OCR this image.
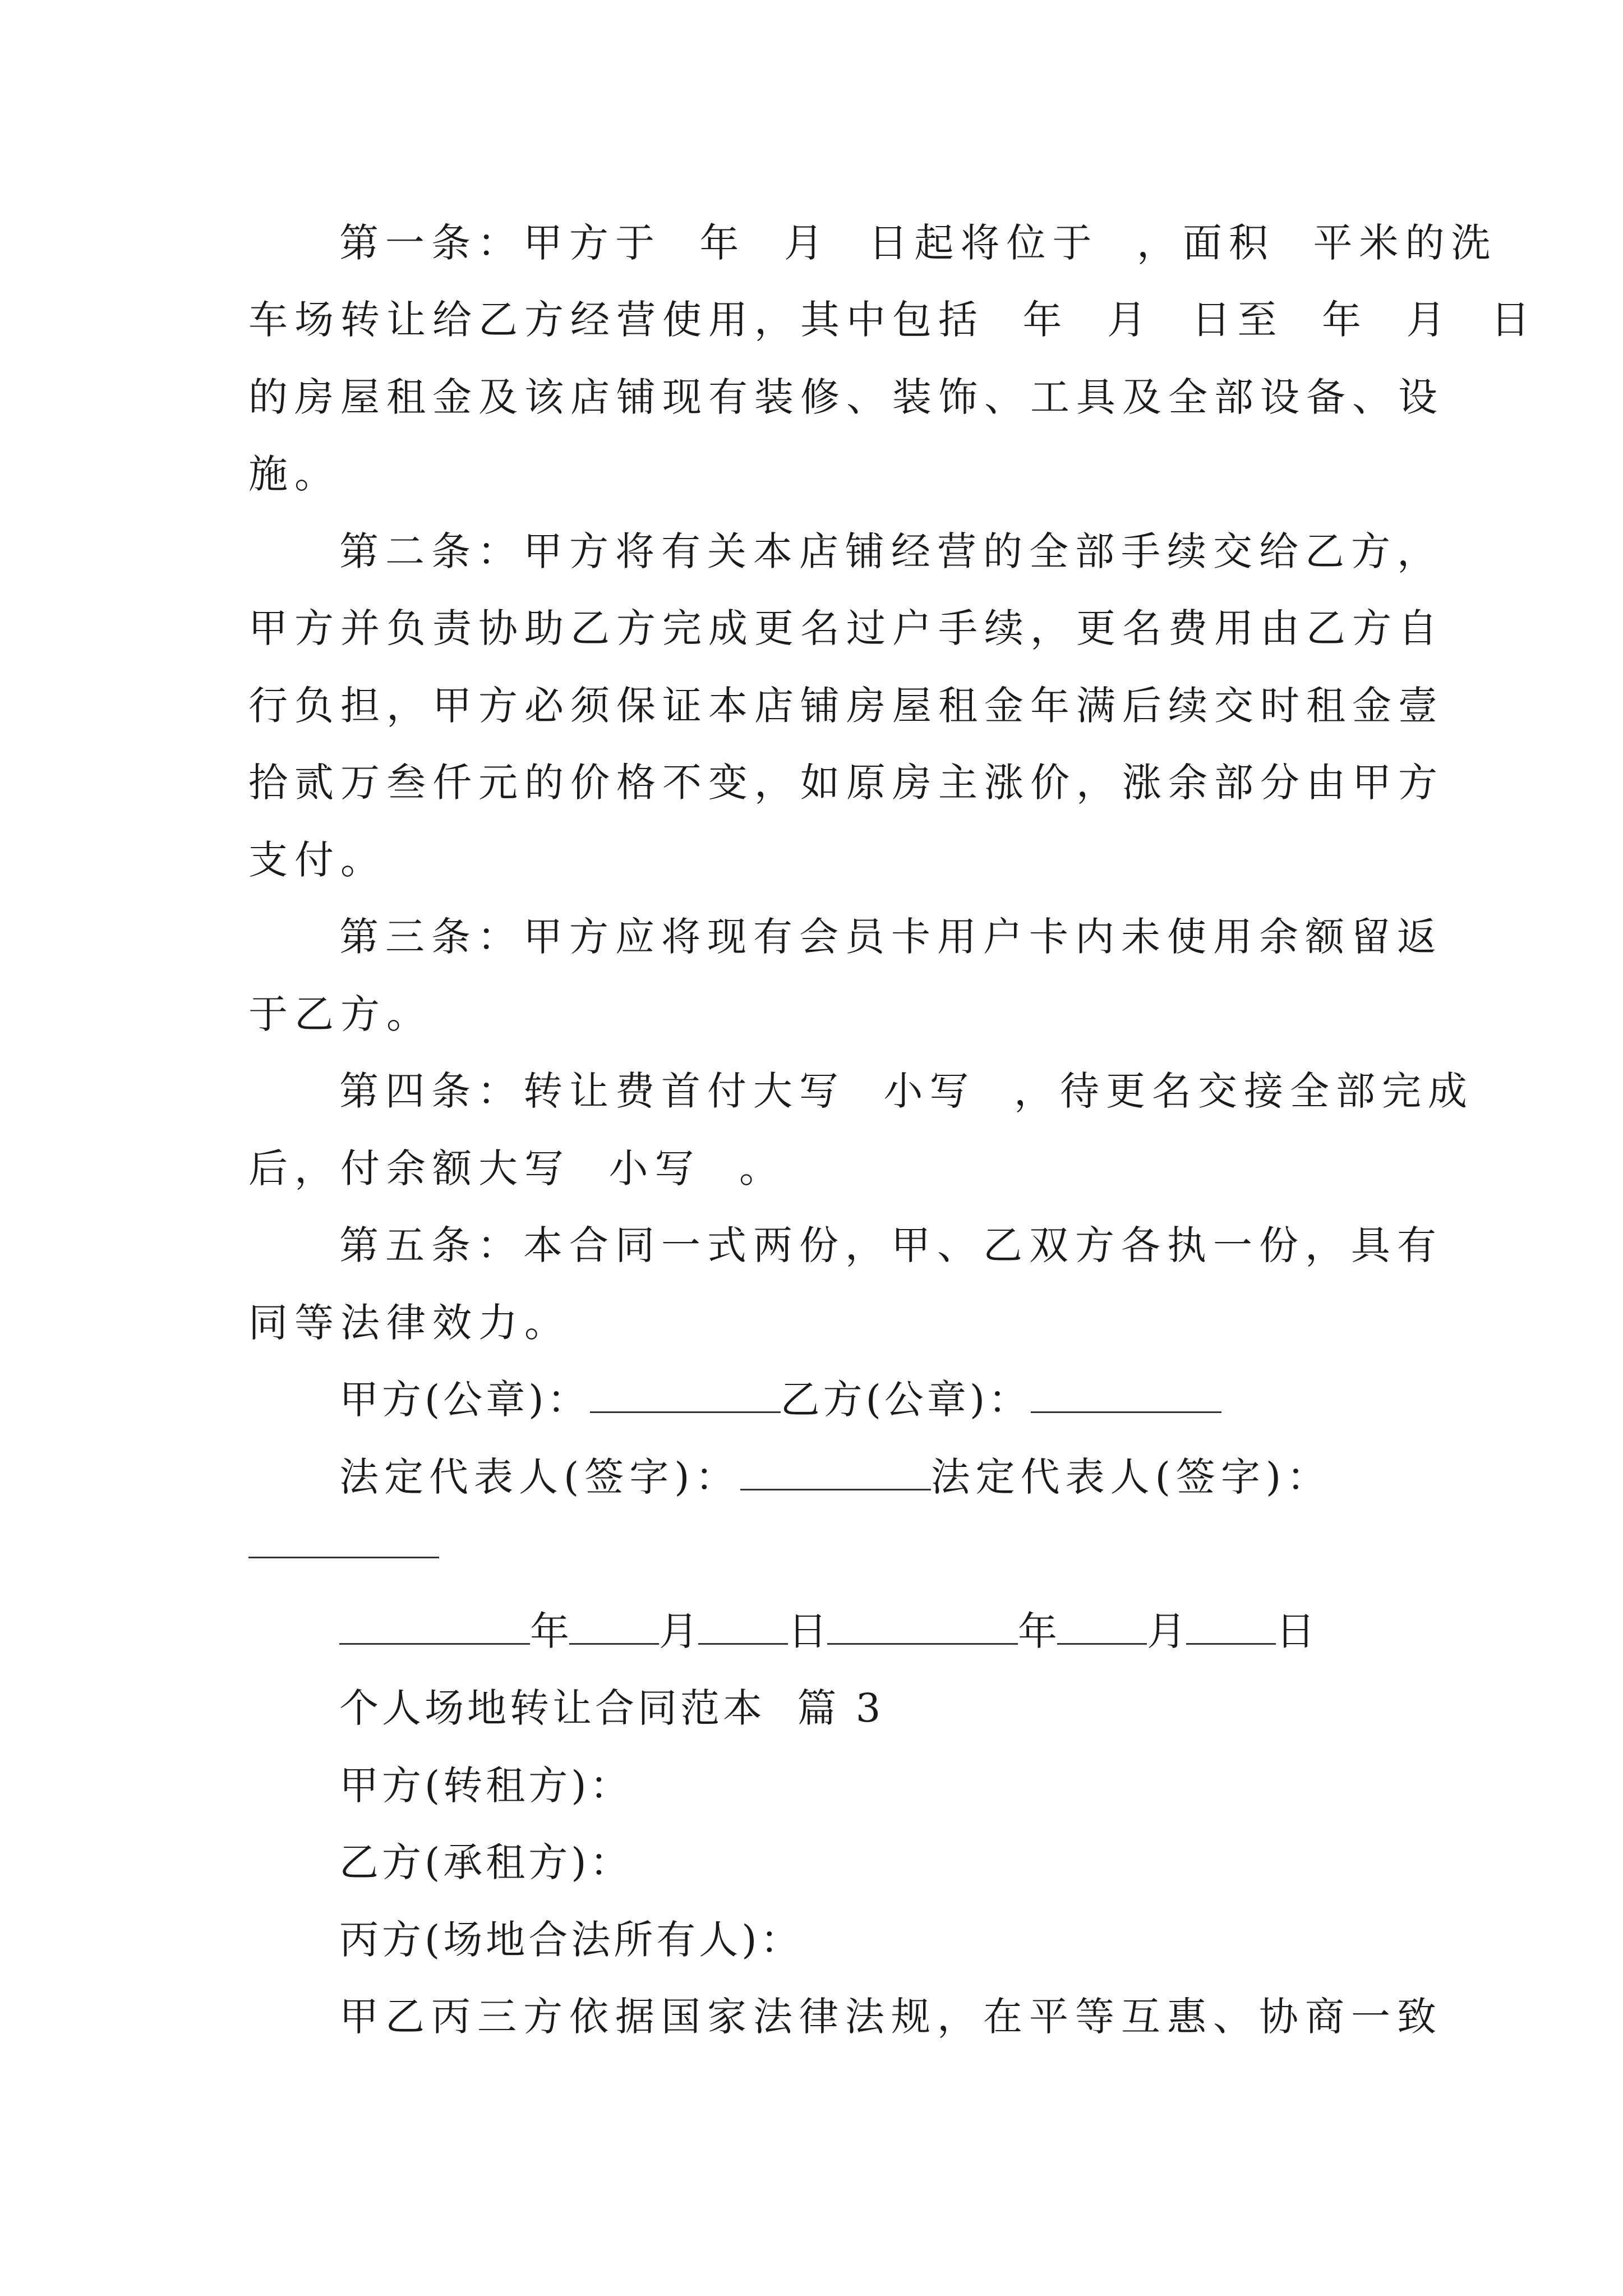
第一条：甲方于  年  月  日起将位于  ，面积  平米的洗
车场转让给乙方经营使用，其中包括  年  月  日至  年  月  日
的房屋租金及该店铺现有装修、装饰、工具及全部设备、设
施。
第二条：甲方将有关本店铺经营的全部手续交给乙方，
甲方并负责协助乙方完成更名过户手续，更名费用由乙方自
行负担，甲方必须保证本店铺房屋租金年满后续交时租金壹
拾贰万叁仟元的价格不变，如原房主涨价，涨余部分由甲方
支付。
第三条：甲方应将现有会员卡用户卡内未使用余额留返
于乙方。
第四条：转让费首付大写  小写  ，待更名交接全部完成
后，付余额大写  小写  。
第五条：本合同一式两份，甲、乙双方各执一份，具有
同等法律效力。
甲方(公章)：	乙方(公章)：
法定代表人(签字)：	法定代表人(签字)：
年 月 日	年 月 日
个人场地转让合同范本  篇 3
甲方(转租方)：
乙方(承租方)：
丙方(场地合法所有人)：
甲乙丙三方依据国家法律法规，在平等互惠、协商一致
